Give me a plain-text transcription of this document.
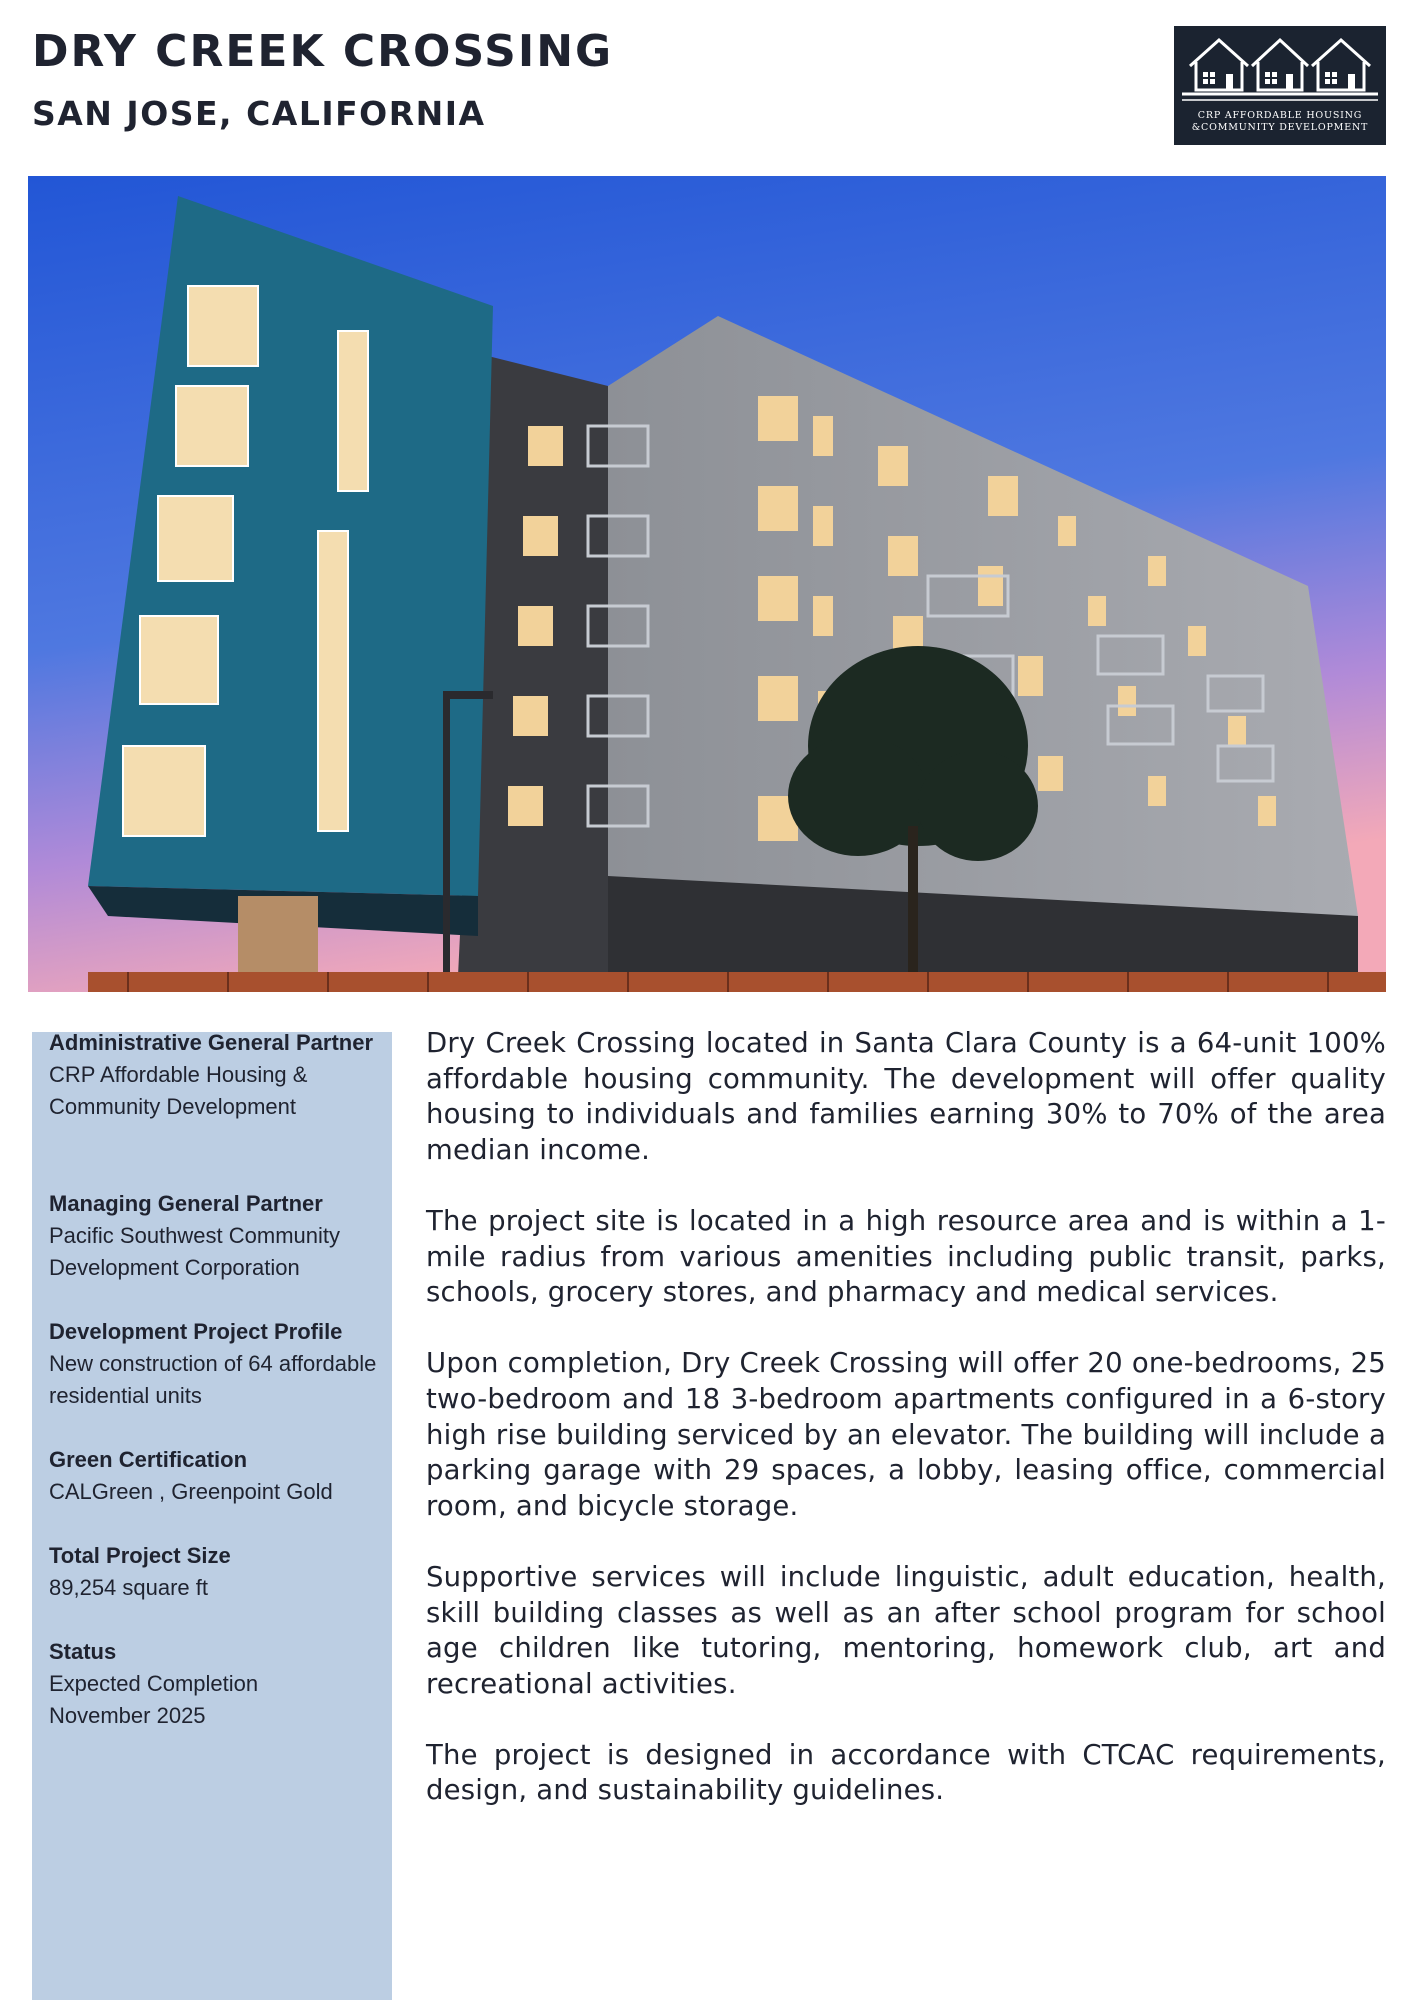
DRY CREEK CROSSING
SAN JOSE, CALIFORNIA	CRP AFFORDABLE HOUSING
&COMMUNITY DEVELOPMENT
Administrative General Partner
CRP Affordable Housing & Community Development
Managing General Partner
Pacific Southwest Community Development Corporation
Development Project Profile
New construction of 64 affordable residential units
Green Certification
CALGreen , Greenpoint Gold
Total Project Size
89,254 square ft
Status
Expected Completion
November 2025

Dry Creek Crossing located in Santa Clara County is a 64-unit 100% affordable housing community. The development will offer quality housing to individuals and families earning 30% to 70% of the area median income.

The project site is located in a high resource area and is within a 1-mile radius from various amenities including public transit, parks, schools, grocery stores, and pharmacy and medical services.

Upon completion, Dry Creek Crossing will offer 20 one-bedrooms, 25 two-bedroom and 18 3-bedroom apartments configured in a 6-story high rise building serviced by an elevator. The building will include a parking garage with 29 spaces, a lobby, leasing office, commercial room, and bicycle storage.

Supportive services will include linguistic, adult education, health, skill building classes as well as an after school program for school age children like tutoring, mentoring, homework club, art and recreational activities.

The project is designed in accordance with CTCAC requirements, design, and sustainability guidelines.
